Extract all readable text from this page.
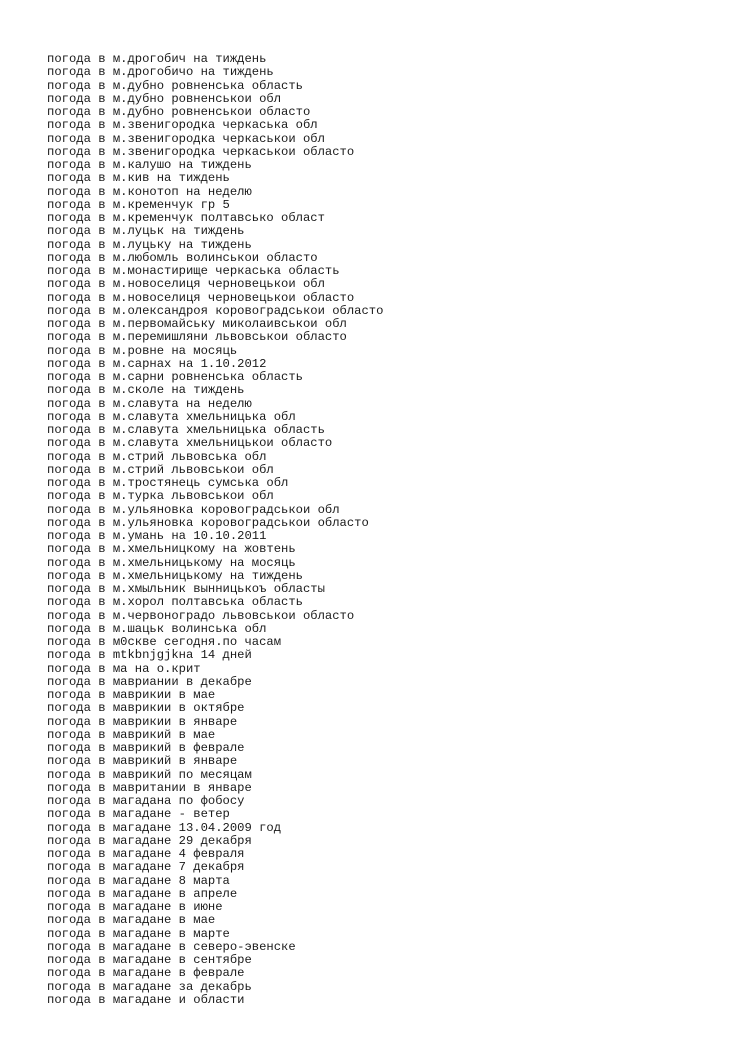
погода в м.дрогобич на тиждень
погода в м.дрогобичо на тиждень
погода в м.дубно ровненська область
погода в м.дубно ровненськои обл
погода в м.дубно ровненськои областо
погода в м.звенигородка черкаська обл
погода в м.звенигородка черкаськои обл
погода в м.звенигородка черкаськои областо
погода в м.калушо на тиждень
погода в м.кив на тиждень
погода в м.конотоп на неделю
погода в м.кременчук гр 5
погода в м.кременчук полтавсько област
погода в м.луцьк на тиждень
погода в м.луцьку на тиждень
погода в м.любомль волинськои областо
погода в м.монастирище черкаська область
погода в м.новоселиця черновецькои обл
погода в м.новоселиця черновецькои областо
погода в м.олександроя коровоградськои областо
погода в м.первомайську миколаивськои обл
погода в м.перемишляни львовськои областо
погода в м.ровне на мосяць
погода в м.сарнах на 1.10.2012
погода в м.сарни ровненська область
погода в м.сколе на тиждень
погода в м.славута на неделю
погода в м.славута хмельницька обл
погода в м.славута хмельницька область
погода в м.славута хмельницькои областо
погода в м.стрий львовська обл
погода в м.стрий львовськои обл
погода в м.тростянець сумська обл
погода в м.турка львовськои обл
погода в м.ульяновка коровоградськои обл
погода в м.ульяновка коровоградськои областо
погода в м.умань на 10.10.2011
погода в м.хмельницкому на жовтень
погода в м.хмельницькому на мосяць
погода в м.хмельницькому на тиждень
погода в м.хмыльник вынницькоъ областы
погода в м.хорол полтавська область
погода в м.червоноградо львовськои областо
погода в м.шацьк волинська обл
погода в м0скве сегодня.по часам
погода в mtkbnjgjkна 14 дней
погода в ма на о.крит
погода в мавриании в декабре
погода в маврикии в мае
погода в маврикии в октябре
погода в маврикии в январе
погода в маврикий в мае
погода в маврикий в феврале
погода в маврикий в январе
погода в маврикий по месяцам
погода в мавритании в январе
погода в магадана по фобосу
погода в магадане - ветер
погода в магадане 13.04.2009 год
погода в магадане 29 декабря
погода в магадане 4 февраля
погода в магадане 7 декабря
погода в магадане 8 марта
погода в магадане в апреле
погода в магадане в июне
погода в магадане в мае
погода в магадане в марте
погода в магадане в северо-эвенске
погода в магадане в сентябре
погода в магадане в феврале
погода в магадане за декабрь
погода в магадане и области
